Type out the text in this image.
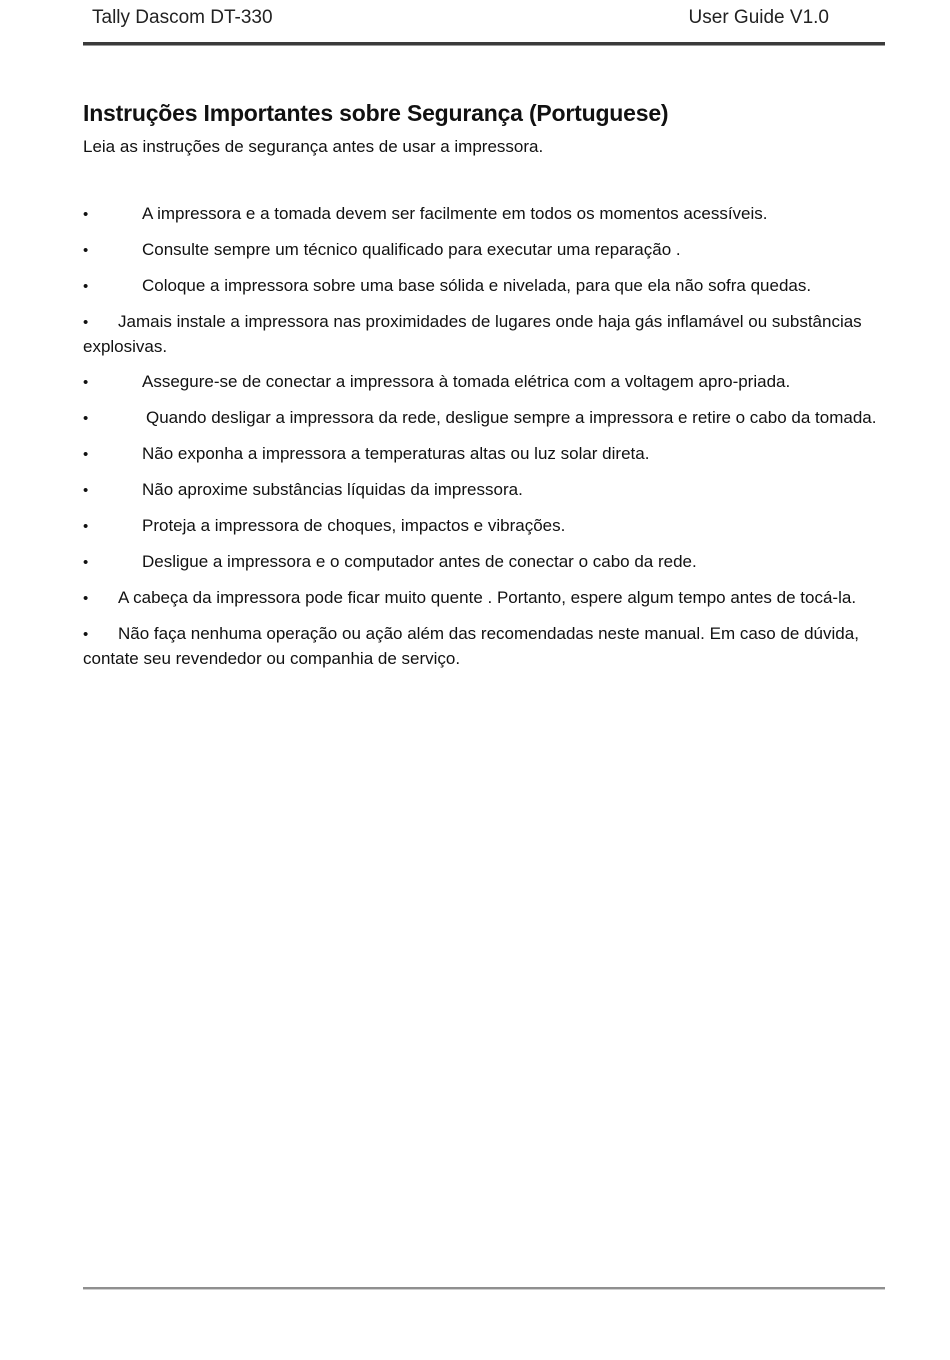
Tally Dascom DT-330	User Guide V1.0
Instruções Importantes sobre Segurança (Portuguese)

Leia as instruções de segurança antes de usar a impressora.

•	A impressora e a tomada devem ser facilmente em todos os momentos acessíveis.
•	Consulte sempre um técnico qualificado para executar uma reparação .
•	Coloque a impressora sobre uma base sólida e nivelada, para que ela não sofra quedas.
• Jamais instale a impressora nas proximidades de lugares onde haja gás inflamável ou substâncias explosivas.
•	Assegure-se de conectar a impressora à tomada elétrica com a voltagem apro-priada.
•	Quando desligar a impressora da rede, desligue sempre a impressora e retire o cabo da tomada.
•	Não exponha a impressora a temperaturas altas ou luz solar direta.
•	Não aproxime substâncias líquidas da impressora.
•	Proteja a impressora de choques, impactos e vibrações.
•	Desligue a impressora e o computador antes de conectar o cabo da rede.
• A cabeça da impressora pode ficar muito quente . Portanto, espere algum tempo antes de tocá-la.
• Não faça nenhuma operação ou ação além das recomendadas neste manual. Em caso de dúvida, contate seu revendedor ou companhia de serviço.
